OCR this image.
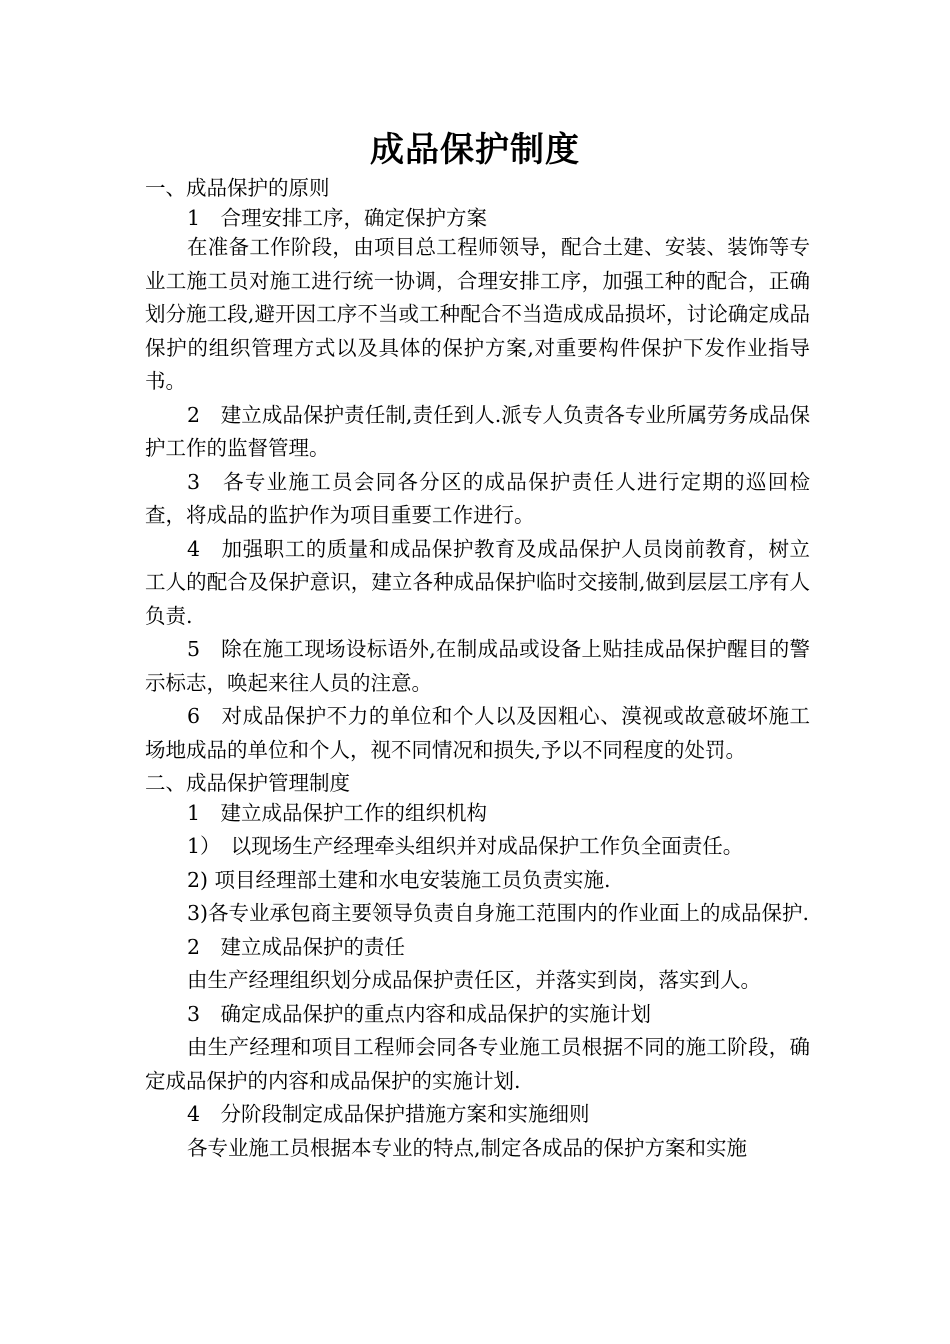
成品保护制度

一、成品保护的原则

1　合理安排工序，确定保护方案

在准备工作阶段，由项目总工程师领导，配合土建、安装、装饰等专业工施工员对施工进行统一协调，合理安排工序，加强工种的配合，正确划分施工段,避开因工序不当或工种配合不当造成成品损坏，讨论确定成品保护的组织管理方式以及具体的保护方案,对重要构件保护下发作业指导书。

2　建立成品保护责任制,责任到人.派专人负责各专业所属劳务成品保护工作的监督管理。

3　各专业施工员会同各分区的成品保护责任人进行定期的巡回检查，将成品的监护作为项目重要工作进行。

4　加强职工的质量和成品保护教育及成品保护人员岗前教育，树立工人的配合及保护意识，建立各种成品保护临时交接制,做到层层工序有人负责.

5　除在施工现场设标语外,在制成品或设备上贴挂成品保护醒目的警示标志，唤起来往人员的注意。

6　对成品保护不力的单位和个人以及因粗心、漠视或故意破坏施工场地成品的单位和个人，视不同情况和损失,予以不同程度的处罚。

二、成品保护管理制度

1　建立成品保护工作的组织机构

1）　以现场生产经理牵头组织并对成品保护工作负全面责任。

2) 项目经理部土建和水电安装施工员负责实施.

3)各专业承包商主要领导负责自身施工范围内的作业面上的成品保护.

2　建立成品保护的责任

由生产经理组织划分成品保护责任区，并落实到岗，落实到人。

3　确定成品保护的重点内容和成品保护的实施计划

由生产经理和项目工程师会同各专业施工员根据不同的施工阶段，确定成品保护的内容和成品保护的实施计划.

4　分阶段制定成品保护措施方案和实施细则

各专业施工员根据本专业的特点,制定各成品的保护方案和实施
